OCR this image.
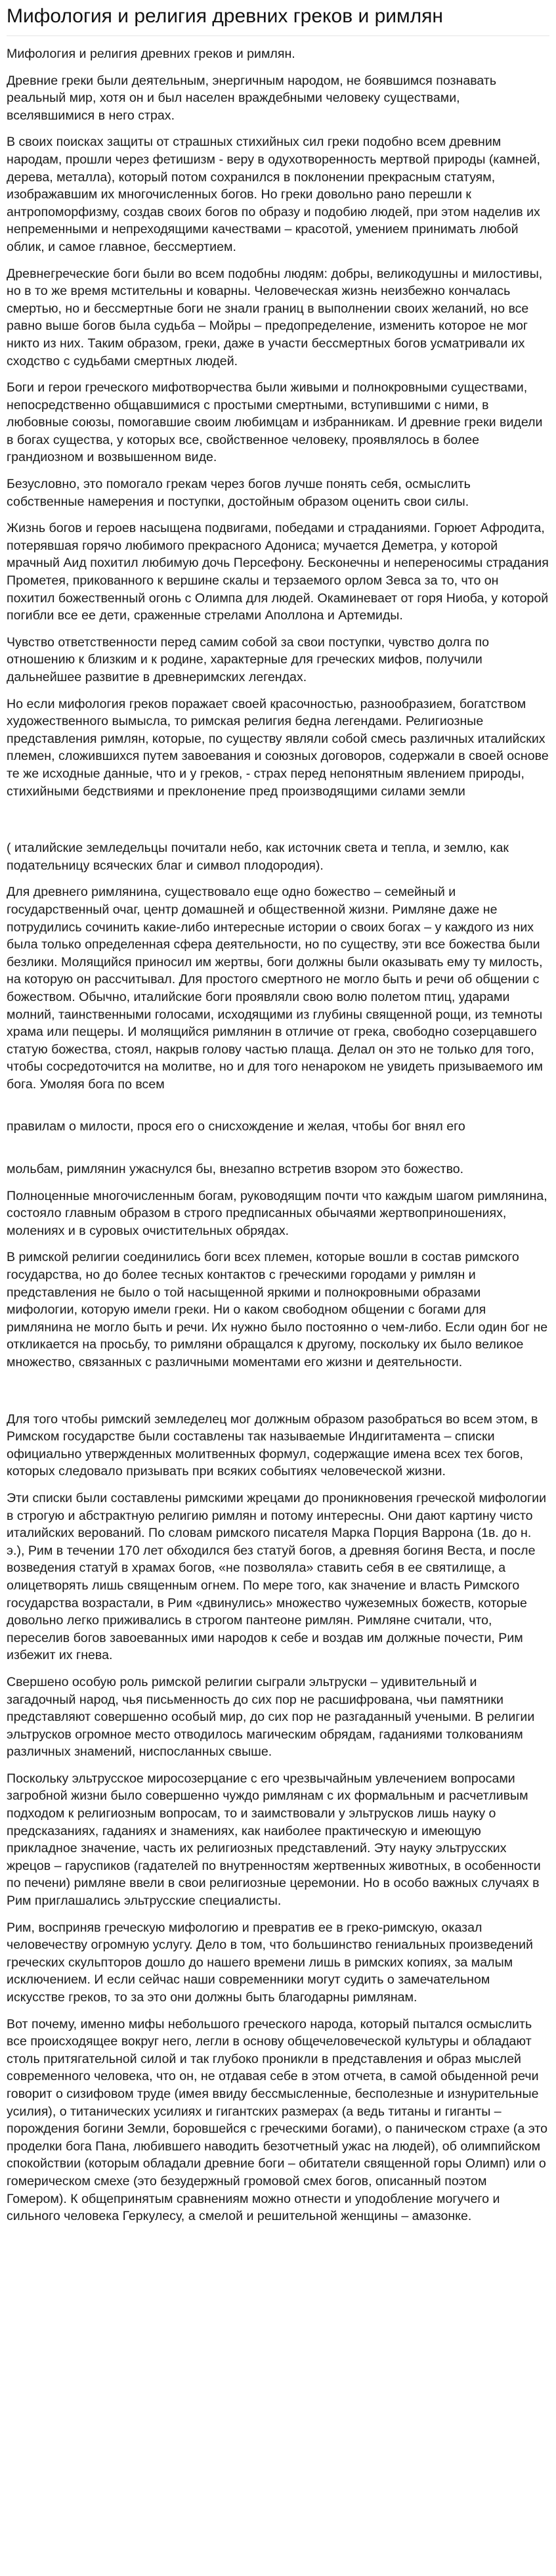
Мифология и религия древних греков и римлян

Мифология и религия древних греков и римлян.

Древние греки были деятельным, энергичным народом, не боявшимся познавать реальный мир, хотя он и был населен враждебными человеку существами, вселявшимися в него страх.

В своих поисках защиты от страшных стихийных сил греки подобно всем древним народам, прошли через фетишизм - веру в одухотворенность мертвой природы (камней, дерева, металла), который потом сохранился в поклонении прекрасным статуям, изображавшим их многочисленных богов. Но греки довольно рано перешли к антропоморфизму, создав своих богов по образу и подобию людей, при этом наделив их непременными и непреходящими качествами – красотой, умением принимать любой облик, и самое главное, бессмертием.

Древнегреческие боги были во всем подобны людям: добры, великодушны и милостивы, но в то же время мстительны и коварны. Человеческая жизнь неизбежно кончалась смертью, но и бессмертные боги не знали границ в выполнении своих желаний, но все равно выше богов была судьба – Мойры – предопределение, изменить которое не мог никто из них. Таким образом, греки, даже в участи бессмертных богов усматривали их сходство с судьбами смертных людей.

Боги и герои греческого мифотворчества были живыми и полнокровными существами, непосредственно общавшимися с простыми смертными, вступившими с ними, в любовные союзы, помогавшие своим любимцам и избранникам. И древние греки видели в богах существа, у которых все, свойственное человеку, проявлялось в более грандиозном и возвышенном виде.

Безусловно, это помогало грекам через богов лучше понять себя, осмыслить собственные намерения и поступки, достойным образом оценить свои силы.

Жизнь богов и героев насыщена подвигами, победами и страданиями. Горюет Афродита, потерявшая горячо любимого прекрасного Адониса; мучается Деметра, у которой мрачный Аид похитил любимую дочь Персефону. Бесконечны и непереносимы страдания Прометея, прикованного к вершине скалы и терзаемого орлом Зевса за то, что он похитил божественный огонь с Олимпа для людей. Окаминевает от горя Ниоба, у которой погибли все ее дети, сраженные стрелами Аполлона и Артемиды.

Чувство ответственности перед самим собой за свои поступки, чувство долга по отношению к близким и к родине, характерные для греческих мифов, получили дальнейшее развитие в древнеримских легендах.

Но если мифология греков поражает своей красочностью, разнообразием, богатством художественного вымысла, то римская религия бедна легендами. Религиозные представления римлян, которые, по существу являли собой смесь различных италийских племен, сложившихся путем завоевания и союзных договоров, содержали в своей основе те же исходные данные, что и у греков, - страх перед непонятным явлением природы, стихийными бедствиями и преклонение пред производящими силами земли

( италийские земледельцы почитали небо, как источник света и тепла, и землю, как подательницу всяческих благ и символ плодородия).

Для древнего римлянина, существовало еще одно божество – семейный и государственный очаг, центр домашней и общественной жизни. Римляне даже не потрудились сочинить какие-либо интересные истории о своих богах – у каждого из них была только определенная сфера деятельности, но по существу, эти все божества были безлики. Молящийся приносил им жертвы, боги должны были оказывать ему ту милость, на которую он рассчитывал. Для простого смертного не могло быть и речи об общении с божеством. Обычно, италийские боги проявляли свою волю полетом птиц, ударами молний, таинственными голосами, исходящими из глубины священной рощи, из темноты храма или пещеры. И молящийся римлянин в отличие от грека, свободно созерцавшего статую божества, стоял, накрыв голову частью плаща. Делал он это не только для того, чтобы сосредоточится на молитве, но и для того ненароком не увидеть призываемого им бога. Умоляя бога по всем

правилам о милости, прося его о снисхождение и желая, чтобы бог внял его

мольбам, римлянин ужаснулся бы, внезапно встретив взором это божество.

Полноценные многочисленным богам, руководящим почти что каждым шагом римлянина, состояло главным образом в строго предписанных обычаями жертвоприношениях, молениях и в суровых очистительных обрядах.

В римской религии соединились боги всех племен, которые вошли в состав римского государства, но до более тесных контактов с греческими городами у римлян и представления не было о той насыщенной яркими и полнокровными образами мифологии, которую имели греки. Ни о каком свободном общении с богами для римлянина не могло быть и речи. Их нужно было постоянно о чем-либо. Если один бог не откликается на просьбу, то римляни обращался к другому, поскольку их было великое множество, связанных с различными моментами его жизни и деятельности.

Для того чтобы римский земледелец мог должным образом разобраться во всем этом, в Римском государстве были составлены так называемые Индигитамента – списки официально утвержденных молитвенных формул, содержащие имена всех тех богов, которых следовало призывать при всяких событиях человеческой жизни.

Эти списки были составлены римскими жрецами до проникновения греческой мифологии в строгую и абстрактную религию римлян и потому интересны. Они дают картину чисто италийских верований. По словам римского писателя Марка Порция Варрона (1в. до н. э.), Рим в течении 170 лет обходился без статуй богов, а древняя богиня Веста, и после возведения статуй в храмах богов, «не позволяла» ставить себя в ее святилище, а олицетворять лишь священным огнем. По мере того, как значение и власть Римского государства возрастали, в Рим «двинулись» множество чужеземных божеств, которые довольно легко приживались в строгом пантеоне римлян. Римляне считали, что, переселив богов завоеванных ими народов к себе и воздав им должные почести, Рим избежит их гнева.

Свершено особую роль римской религии сыграли эльтруски – удивительный и загадочный народ, чья письменность до сих пор не расшифрована, чьи памятники представляют совершенно особый мир, до сих пор не разгаданный учеными. В религии эльтрусков огромное место отводилось магическим обрядам, гаданиями толкованиям различных знамений, ниспосланных свыше.

Поскольку эльтрусское миросозерцание с его чрезвычайным увлечением вопросами загробной жизни было совершенно чуждо римлянам с их формальным и расчетливым подходом к религиозным вопросам, то и заимствовали у эльтрусков лишь науку о предсказаниях, гаданиях и знамениях, как наиболее практическую и имеющую прикладное значение, часть их религиозных представлений. Эту науку эльтрусских жрецов – гаруспиков (гадателей по внутренностям жертвенных животных, в особенности по печени) римляне ввели в свои религиозные церемонии. Но в особо важных случаях в Рим приглашались эльтрусские специалисты.

Рим, восприняв греческую мифологию и превратив ее в греко-римскую, оказал человечеству огромную услугу. Дело в том, что большинство гениальных произведений греческих скульпторов дошло до нашего времени лишь в римских копиях, за малым исключением. И если сейчас наши современники могут судить о замечательном искусстве греков, то за это они должны быть благодарны римлянам.

Вот почему, именно мифы небольшого греческого народа, который пытался осмыслить все происходящее вокруг него, легли в основу общечеловеческой культуры и обладают столь притягательной силой и так глубоко проникли в представления и образ мыслей современного человека, что он, не отдавая себе в этом отчета, в самой обыденной речи говорит о сизифовом труде (имея ввиду бессмысленные, бесполезные и изнурительные усилия), о титанических усилиях и гигантских размерах (а ведь титаны и гиганты – порождения богини Земли, боровшейся с греческими богами), о паническом страхе (а это проделки бога Пана, любившего наводить безотчетный ужас на людей), об олимпийском спокойствии (которым обладали древние боги – обитатели священной горы Олимп) или о гомерическом смехе (это безудержный громовой смех богов, описанный поэтом Гомером). К общепринятым сравнениям можно отнести и уподобление могучего и сильного человека Геркулесу, а смелой и решительной женщины – амазонке.
